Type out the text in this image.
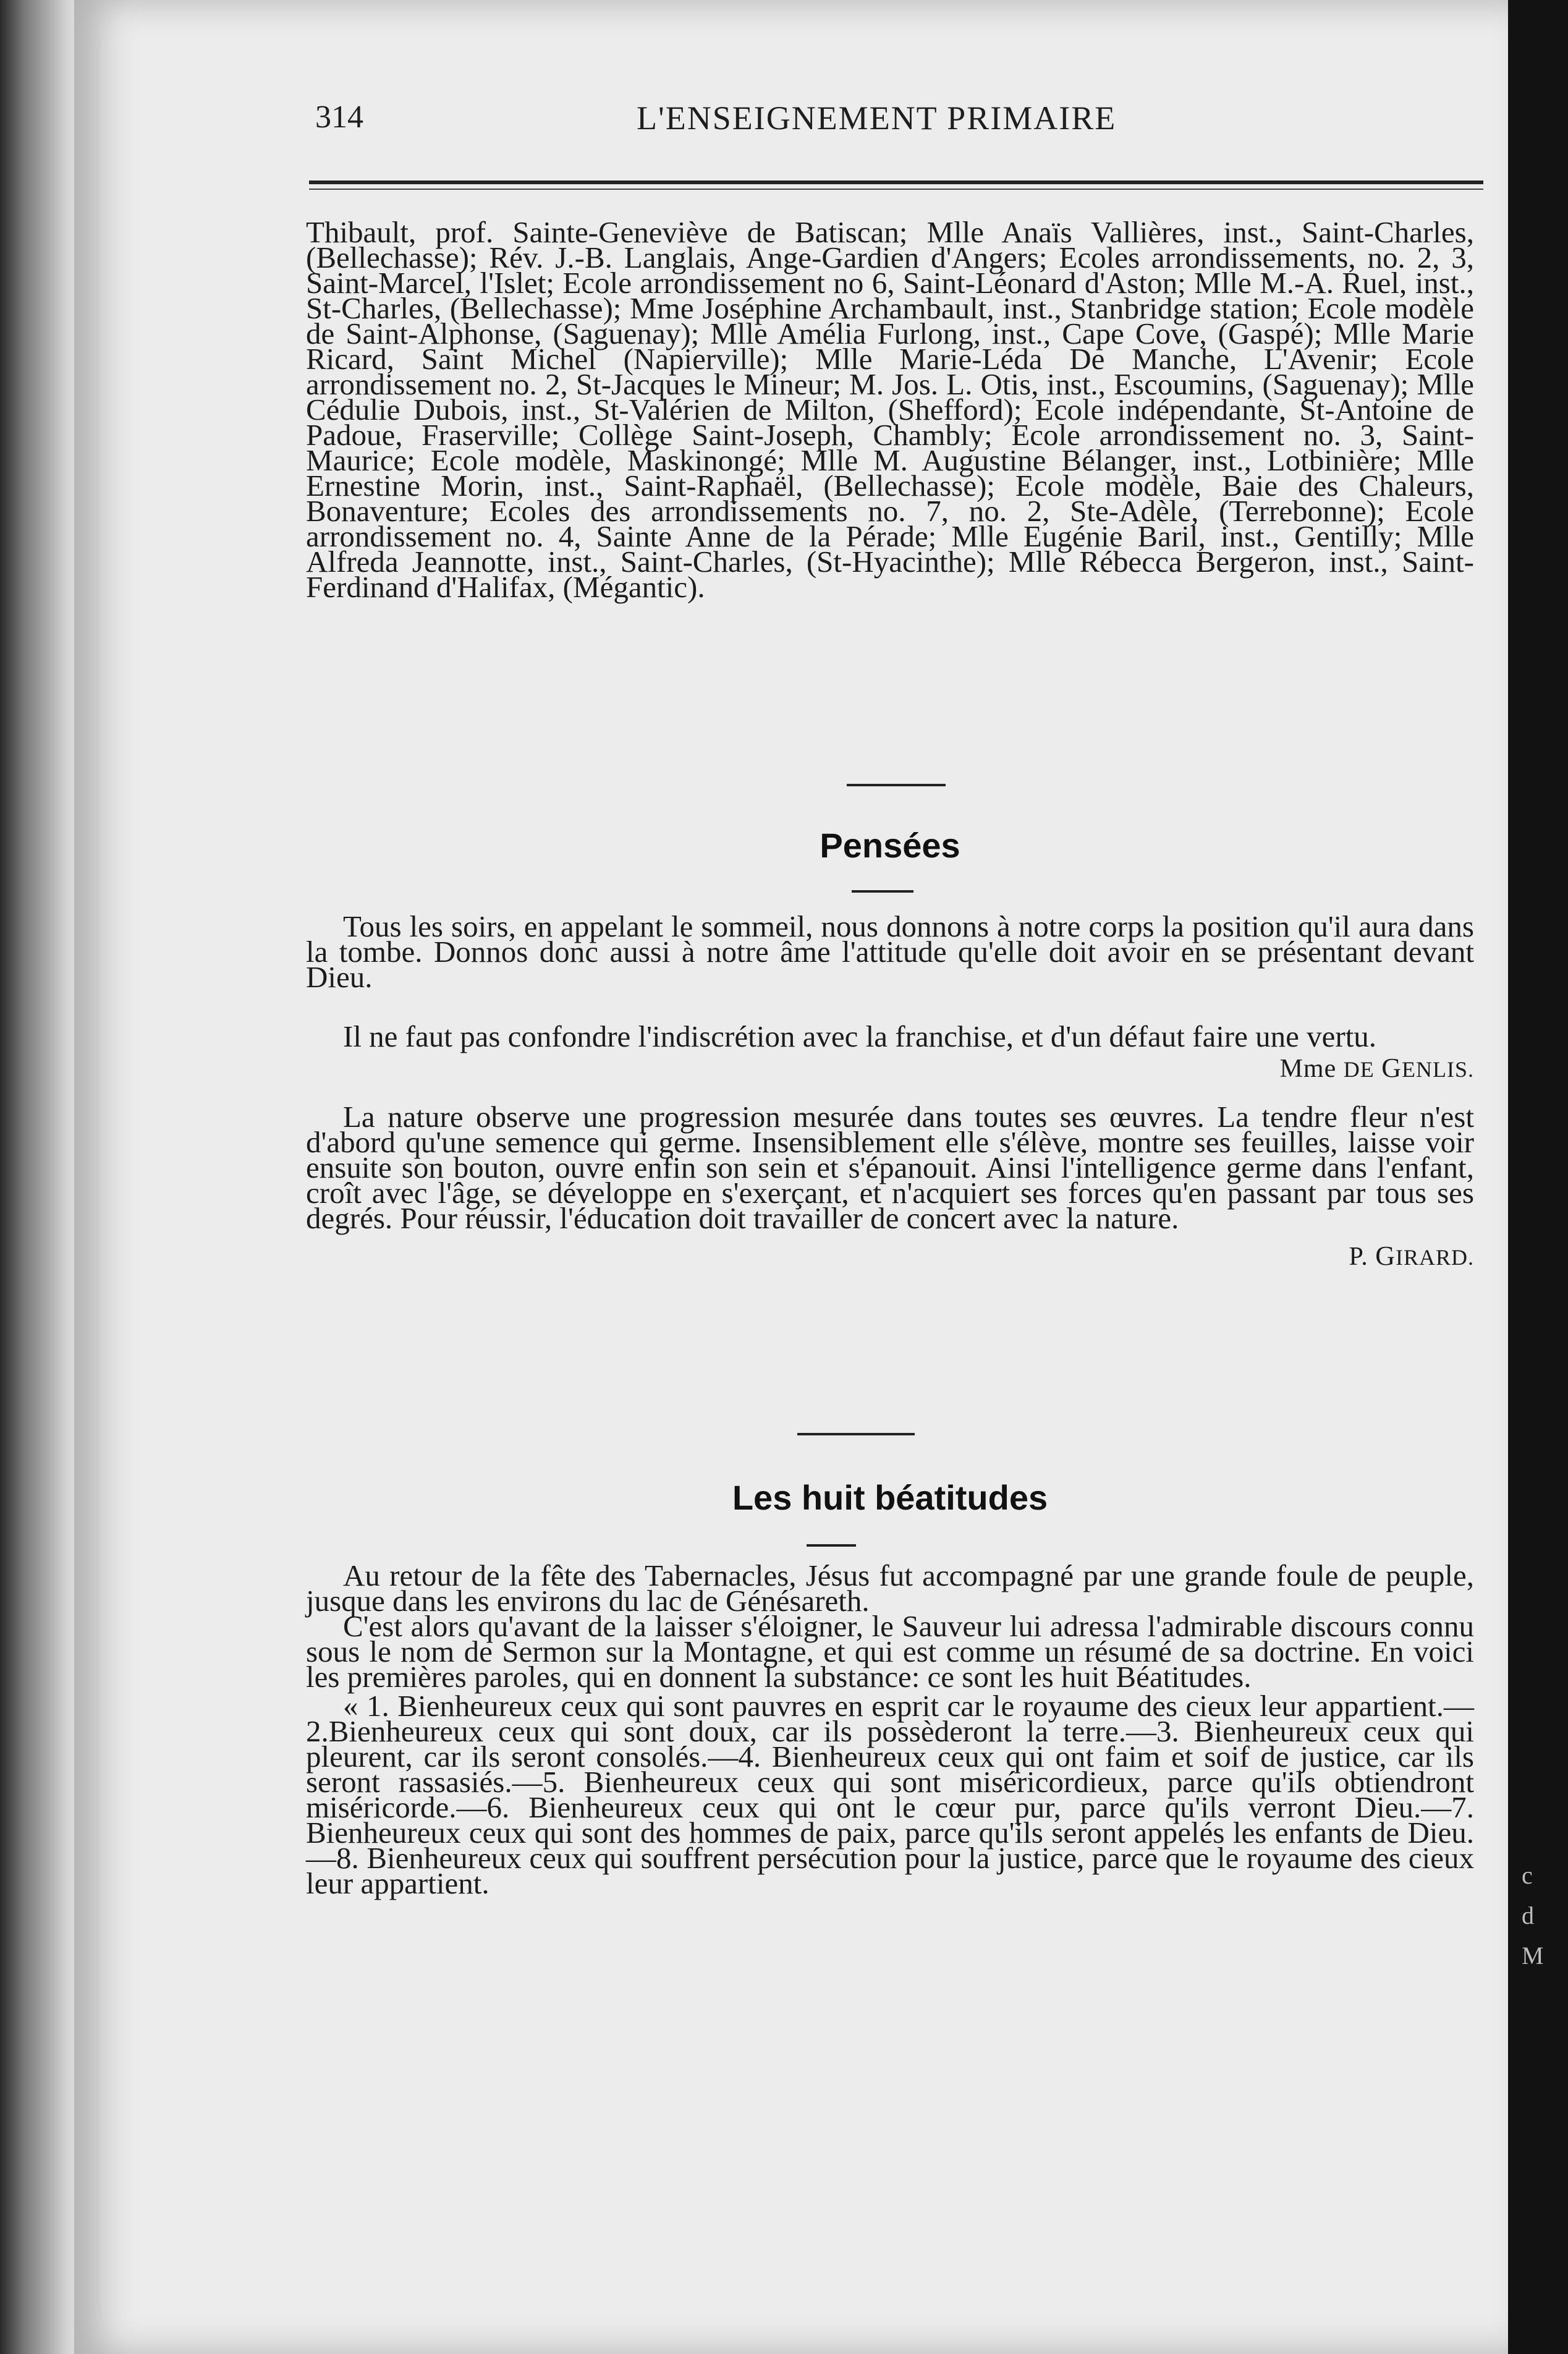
314	L'ENSEIGNEMENT PRIMAIRE

Thibault, prof. Sainte-Geneviève de Batiscan; Mlle Anaïs Vallières, inst., Saint-Charles, (Bellechasse); Rév. J.-B. Langlais, Ange-Gardien d'Angers; Ecoles arrondissements, no. 2, 3, Saint-Marcel, l'Islet; Ecole arrondissement no 6, Saint-Léonard d'Aston; Mlle M.-A. Ruel, inst., St-Charles, (Bellechasse); Mme Joséphine Archambault, inst., Stanbridge station; Ecole modèle de Saint-Alphonse, (Saguenay); Mlle Amélia Furlong, inst., Cape Cove, (Gaspé); Mlle Marie Ricard, Saint Michel (Napierville); Mlle Marie-Léda De Manche, L'Avenir; Ecole arrondissement no. 2, St-Jacques le Mineur; M. Jos. L. Otis, inst., Escoumins, (Saguenay); Mlle Cédulie Dubois, inst., St-Valérien de Milton, (Shefford); Ecole indépendante, St-Antoine de Padoue, Fraserville; Collège Saint-Joseph, Chambly; Ecole arrondissement no. 3, Saint-Maurice; Ecole modèle, Maskinongé; Mlle M. Augustine Bélanger, inst., Lotbinière; Mlle Ernestine Morin, inst., Saint-Raphaël, (Bellechasse); Ecole modèle, Baie des Chaleurs, Bonaventure; Ecoles des arrondissements no. 7, no. 2, Ste-Adèle, (Terrebonne); Ecole arrondissement no. 4, Sainte Anne de la Pérade; Mlle Eugénie Baril, inst., Gentilly; Mlle Alfreda Jeannotte, inst., Saint-Charles, (St-Hyacinthe); Mlle Rébecca Bergeron, inst., Saint-Ferdinand d'Halifax, (Mégantic).

Pensées

Tous les soirs, en appelant le sommeil, nous donnons à notre corps la position qu'il aura dans la tombe. Donnos donc aussi à notre âme l'attitude qu'elle doit avoir en se présentant devant Dieu.

Il ne faut pas confondre l'indiscrétion avec la franchise, et d'un défaut faire une vertu.

Mme DE GENLIS.

La nature observe une progression mesurée dans toutes ses œuvres. La tendre fleur n'est d'abord qu'une semence qui germe. Insensiblement elle s'élève, montre ses feuilles, laisse voir ensuite son bouton, ouvre enfin son sein et s'épanouit. Ainsi l'intelligence germe dans l'enfant, croît avec l'âge, se développe en s'exerçant, et n'acquiert ses forces qu'en passant par tous ses degrés. Pour réussir, l'éducation doit travailler de concert avec la nature.

P. GIRARD.

Les huit béatitudes

Au retour de la fête des Tabernacles, Jésus fut accompagné par une grande foule de peuple, jusque dans les environs du lac de Génésareth.

C'est alors qu'avant de la laisser s'éloigner, le Sauveur lui adressa l'admirable discours connu sous le nom de Sermon sur la Montagne, et qui est comme un résumé de sa doctrine. En voici les premières paroles, qui en donnent la substance: ce sont les huit Béatitudes.

« 1. Bienheureux ceux qui sont pauvres en esprit car le royaume des cieux leur appartient.—2.Bienheureux ceux qui sont doux, car ils possèderont la terre.—3. Bienheureux ceux qui pleurent, car ils seront consolés.—4. Bienheureux ceux qui ont faim et soif de justice, car ils seront rassasiés.—5. Bienheureux ceux qui sont miséricordieux, parce qu'ils obtiendront miséricorde.—6. Bienheureux ceux qui ont le cœur pur, parce qu'ils verront Dieu.—7. Bienheureux ceux qui sont des hommes de paix, parce qu'ils seront appelés les enfants de Dieu.—8. Bienheureux ceux qui souffrent persécution pour la justice, parce que le royaume des cieux leur appartient.	c
d
M
